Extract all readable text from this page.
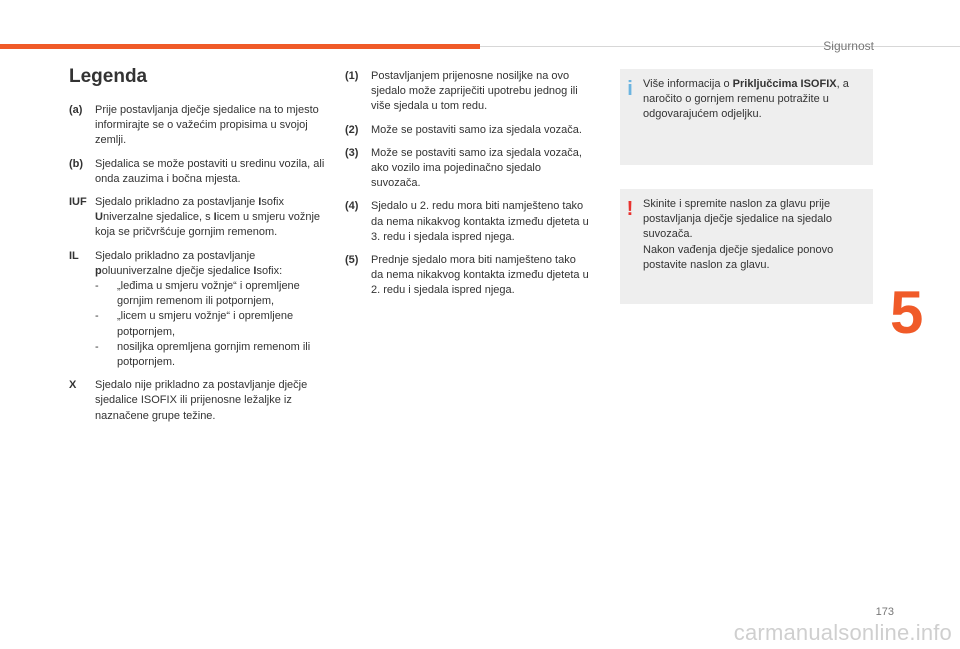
Sigurnost
5
Legenda
(a)	Prije postavljanja dječje sjedalice na to mjesto informirajte se o važećim propisima u svojoj zemlji.
(b)	Sjedalica se može postaviti u sredinu vozila, ali onda zauzima i bočna mjesta.
IUF Sjedalo prikladno za postavljanje Isofix Univerzalne sjedalice, s Iicem u smjeru vožnje koja se pričvršćuje gornjim remenom.
IL	Sjedalo prikladno za postavljanje poluuniverzalne dječje sjedalice Isofix:
- „leđima u smjeru vožnje“ i opremljene gornjim remenom ili potpornjem,
- „licem u smjeru vožnje“ i opremljene potpornjem,
- nosiljka opremljena gornjim remenom ili potpornjem.
X	Sjedalo nije prikladno za postavljanje dječje sjedalice ISOFIX ili prijenosne ležaljke iz naznačene grupe težine.
(1)	Postavljanjem prijenosne nosiljke na ovo sjedalo može zapriječiti upotrebu jednog ili više sjedala u tom redu.
(2)	Može se postaviti samo iza sjedala vozača.
(3)	Može se postaviti samo iza sjedala vozača, ako vozilo ima pojedinačno sjedalo suvozača.
(4)	Sjedalo u 2. redu mora biti namješteno tako da nema nikakvog kontakta između djeteta u 3. redu i sjedala ispred njega.
(5)	Prednje sjedalo mora biti namješteno tako da nema nikakvog kontakta između djeteta u 2. redu i sjedala ispred njega.
i Više informacija o Priključcima ISOFIX, a naročito o gornjem remenu potražite u odgovarajućem odjeljku.

! Skinite i spremite naslon za glavu prije postavljanja dječje sjedalice na sjedalo suvozača.

Nakon vađenja dječje sjedalice ponovo postavite naslon za glavu.

173
carmanualsonline.info
